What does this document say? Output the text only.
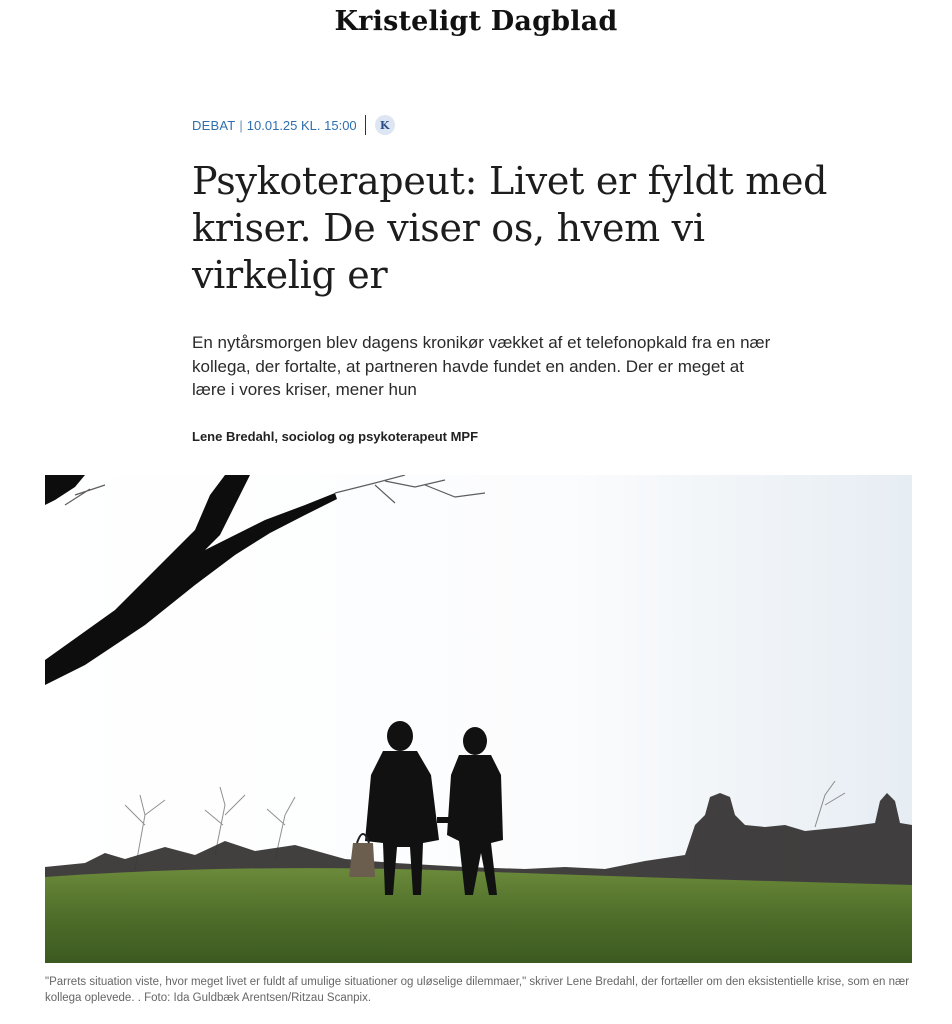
Kristeligt Dagblad
DEBAT | 10.01.25 KL. 15:00	K
Psykoterapeut: Livet er fyldt med kriser. De viser os, hvem vi virkelig er

En nytårsmorgen blev dagens kronikør vækket af et telefonopkald fra en nær kollega, der fortalte, at partneren havde fundet en anden. Der er meget at lære i vores kriser, mener hun

Lene Bredahl, sociolog og psykoterapeut MPF

"Parrets situation viste, hvor meget livet er fuldt af umulige situationer og uløselige dilemmaer," skriver Lene Bredahl, der fortæller om den eksistentielle krise, som en nær kollega oplevede. . Foto: Ida Guldbæk Arentsen/Ritzau Scanpix.
